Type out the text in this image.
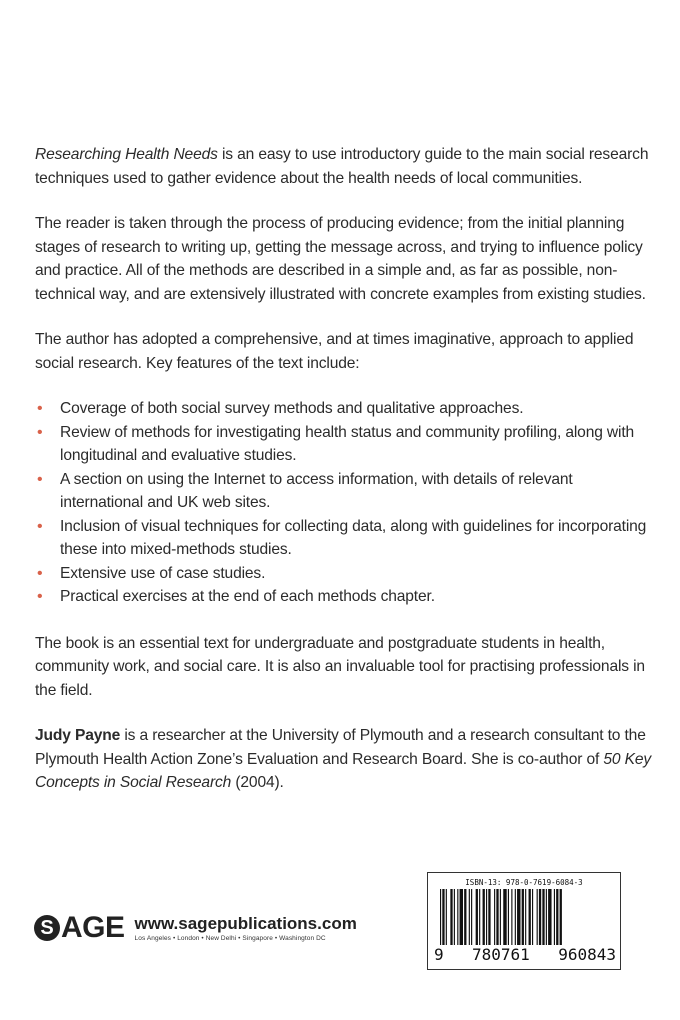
Researching Health Needs is an easy to use introductory guide to the main social research techniques used to gather evidence about the health needs of local communities.

The reader is taken through the process of producing evidence; from the initial planning stages of research to writing up, getting the message across, and trying to influence policy and practice. All of the methods are described in a simple and, as far as possible, non-technical way, and are extensively illustrated with concrete examples from existing studies.

The author has adopted a comprehensive, and at times imaginative, approach to applied social research. Key features of the text include:

• Coverage of both social survey methods and qualitative approaches.
• Review of methods for investigating health status and community profiling, along with longitudinal and evaluative studies.
• A section on using the Internet to access information, with details of relevant international and UK web sites.
• Inclusion of visual techniques for collecting data, along with guidelines for incorporating these into mixed-methods studies.
• Extensive use of case studies.
• Practical exercises at the end of each methods chapter.

The book is an essential text for undergraduate and postgraduate students in health, community work, and social care. It is also an invaluable tool for practising professionals in the field.

Judy Payne is a researcher at the University of Plymouth and a research consultant to the Plymouth Health Action Zone’s Evaluation and Research Board. She is co-author of 50 Key Concepts in Social Research (2004).

S AGE www.sagepublications.com
Los Angeles • London • New Delhi • Singapore • Washington DC
ISBN-13: 978-0-7619-6084-3
9 780761 960843
